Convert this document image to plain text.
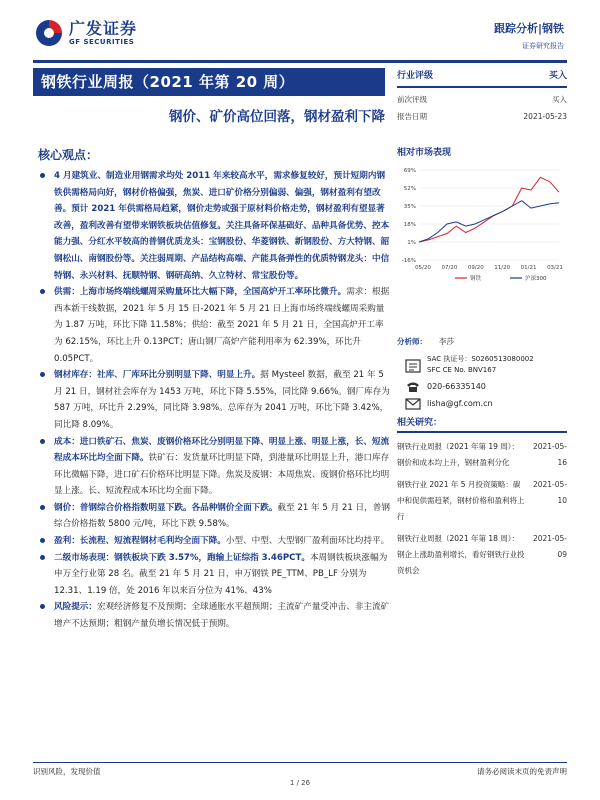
广发证券
GF SECURITIES
跟踪分析|钢铁
证券研究报告
钢铁行业周报（2021 年第 20 周）
钢价、矿价高位回落，钢材盈利下降
核心观点：
4 月建筑业、制造业用钢需求均处 2011 年来较高水平，需求修复较好，预计短期内钢铁供需格局向好，钢材价格偏强，焦炭、进口矿价格分别偏弱、偏强，钢材盈利有望改善。预计 2021 年供需格局趋紧，钢价走势或强于原材料价格走势，钢材盈利有望显著改善，盈利改善有望带来钢铁板块估值修复。关注具备环保基础好、品种具备优势、控本能力强、分红水平较高的普钢优质龙头：宝钢股份、华菱钢铁、新钢股份、方大特钢、韶钢松山、南钢股份等。关注弱周期、产品结构高端、产能具备弹性的优质特钢龙头：中信特钢、永兴材料、抚顺特钢、钢研高纳、久立特材、常宝股份等。
供需：上海市场终端线螺周采购量环比大幅下降，全国高炉开工率环比微升。需求：根据西本新干线数据，2021 年 5 月 15 日-2021 年 5 月 21 日上海市场终端线螺周采购量为 1.87 万吨，环比下降 11.58%；供给：截至 2021 年 5 月 21 日，全国高炉开工率为 62.15%，环比上升 0.13PCT；唐山钢厂高炉产能利用率为 62.39%，环比升 0.05PCT。
钢材库存：社库、厂库环比分别明显下降、明显上升。据 Mysteel 数据，截至 21 年 5 月 21 日，钢材社会库存为 1453 万吨，环比下降 5.55%，同比降 9.66%。钢厂库存为 587 万吨，环比升 2.29%，同比降 3.98%。总库存为 2041 万吨，环比下降 3.42%，同比降 8.09%。
成本：进口铁矿石、焦炭、废钢价格环比分别明显下降、明显上涨、明显上涨，长、短流程成本环比均全面下降。铁矿石：发货量环比明显下降，到港量环比明显上升，港口库存环比微幅下降，进口矿石价格环比明显下降。焦炭及废钢：本周焦炭、废钢价格环比均明显上涨。长、短流程成本环比均全面下降。
钢价：普钢综合价格指数明显下跌。各品种钢价全面下跌。截至 21 年 5 月 21 日，普钢综合价格指数 5800 元/吨，环比下跌 9.58%。
盈利：长流程、短流程钢材毛利均全面下降。小型、中型、大型钢厂盈利面环比均持平。
二级市场表现：钢铁板块下跌 3.57%，跑输上证综指 3.46PCT。本周钢铁板块涨幅为申万全行业第 28 名。截至 21 年 5 月 21 日，申万钢铁 PE_TTM、PB_LF 分别为 12.31、1.19 倍，处 2016 年以来百分位为 41%、43%
风险提示：宏观经济修复不及预期；全球通胀水平超预期；主流矿产量受冲击、非主流矿增产不达预期；粗钢产量负增长情况低于预期。
行业评级	买入
前次评级	买入
报告日期	2021-05-23
相对市场表现
69%
52%
35%
18%
1%
-16%
05/20 07/20 09/20 11/20 01/21 03/21
钢铁	沪深300
分析师：	李莎
SAC 执证号：S0260513080002
SFC CE No. BNV167
020-66335140
lisha@gf.com.cn
相关研究：
钢铁行业周报（2021 年第 19 周）：钢价和成本均上升，钢材盈利分化
2021-05-16
钢铁行业 2021 年 5 月投资策略：碳中和促供需趋紧，钢材价格和盈利将上行
2021-05-10
钢铁行业周报（2021 年第 18 周）：钢企上涨助盈利增长，看好钢铁行业投资机会
2021-05-09
识别风险，发现价值	请务必阅读末页的免责声明
1 / 26
